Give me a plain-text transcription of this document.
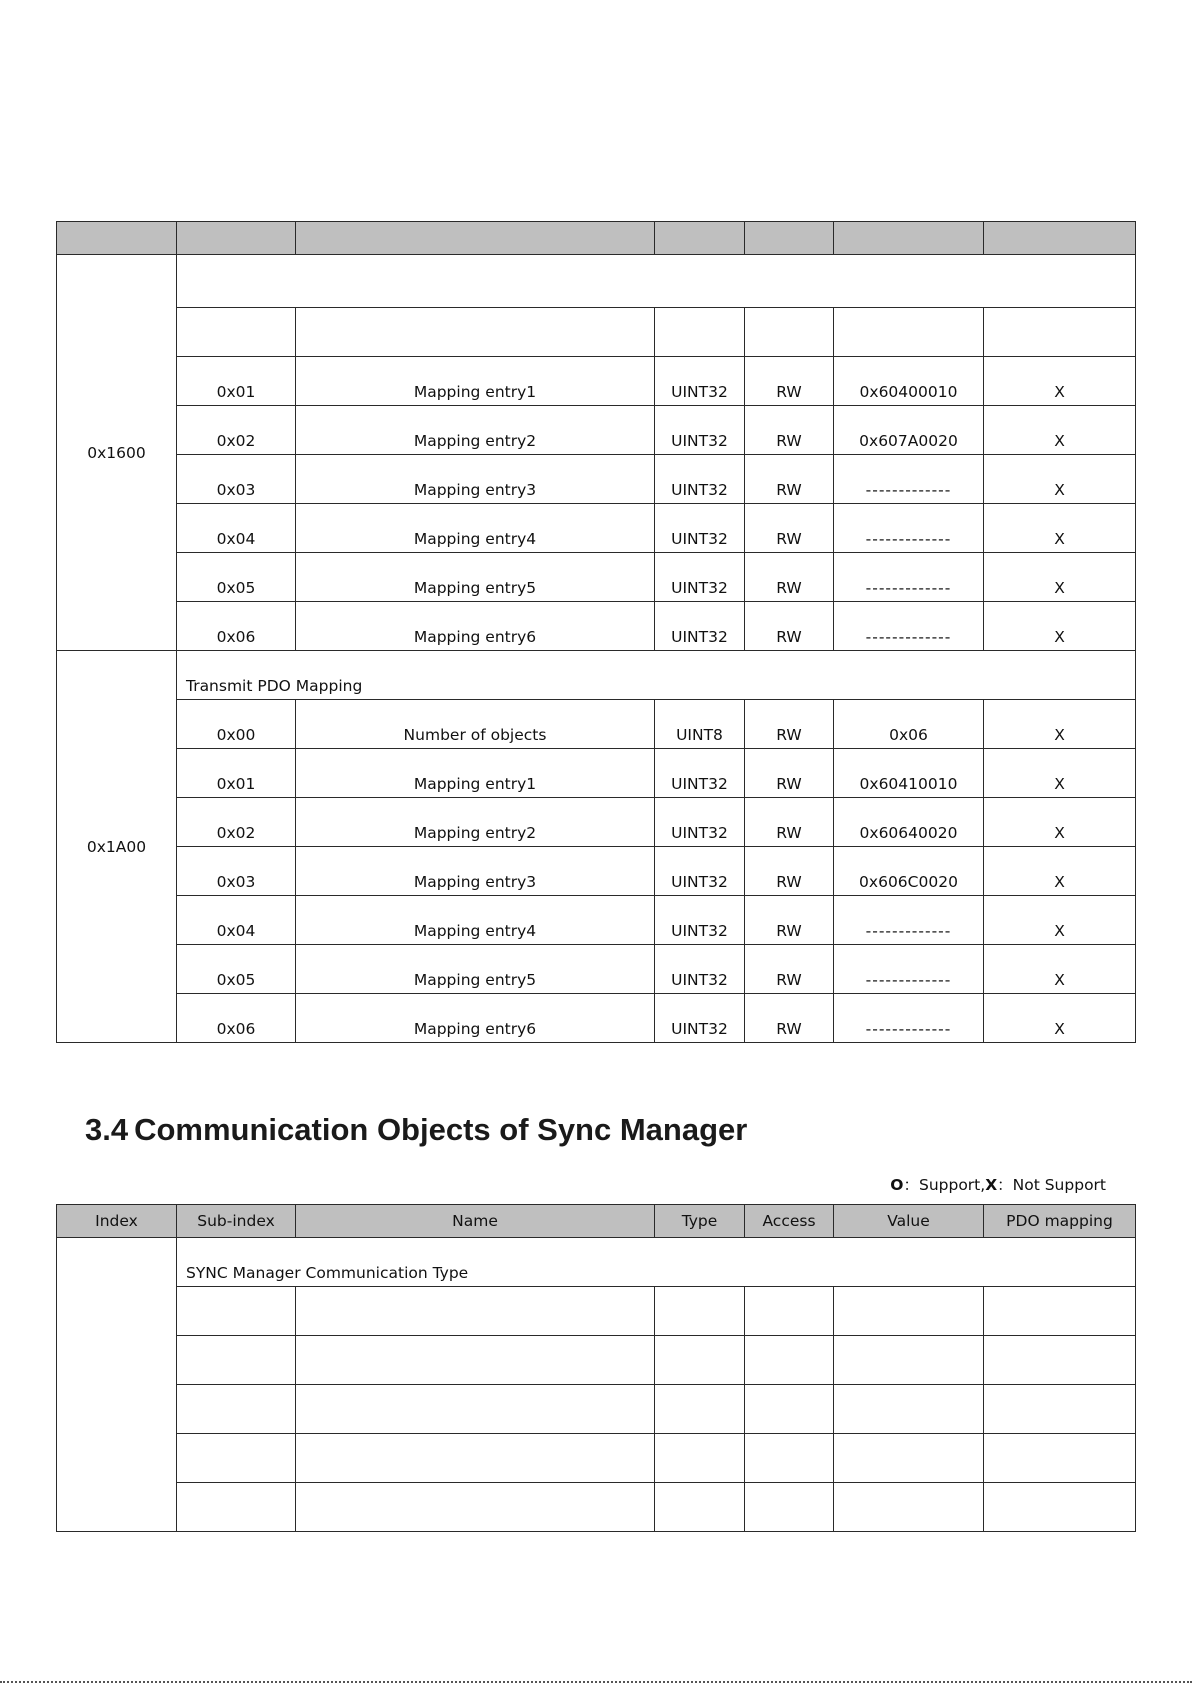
0x1600						

	0x01	Mapping entry1	UINT32	RW	0x60400010	X
	0x02	Mapping entry2	UINT32	RW	0x607A0020	X
	0x03	Mapping entry3	UINT32	RW	-------------	X
	0x04	Mapping entry4	UINT32	RW	-------------	X
	0x05	Mapping entry5	UINT32	RW	-------------	X
	0x06	Mapping entry6	UINT32	RW	-------------	X
0x1A00	Transmit PDO Mapping					
	0x00	Number of objects	UINT8	RW	0x06	X
	0x01	Mapping entry1	UINT32	RW	0x60410010	X
	0x02	Mapping entry2	UINT32	RW	0x60640020	X
	0x03	Mapping entry3	UINT32	RW	0x606C0020	X
	0x04	Mapping entry4	UINT32	RW	-------------	X
	0x05	Mapping entry5	UINT32	RW	-------------	X
	0x06	Mapping entry6	UINT32	RW	-------------	X
3.4 Communication Objects of Sync Manager
O：Support,X：Not Support
Index	Sub-index	Name	Type	Access	Value	PDO mapping
	SYNC Manager Communication Type					
